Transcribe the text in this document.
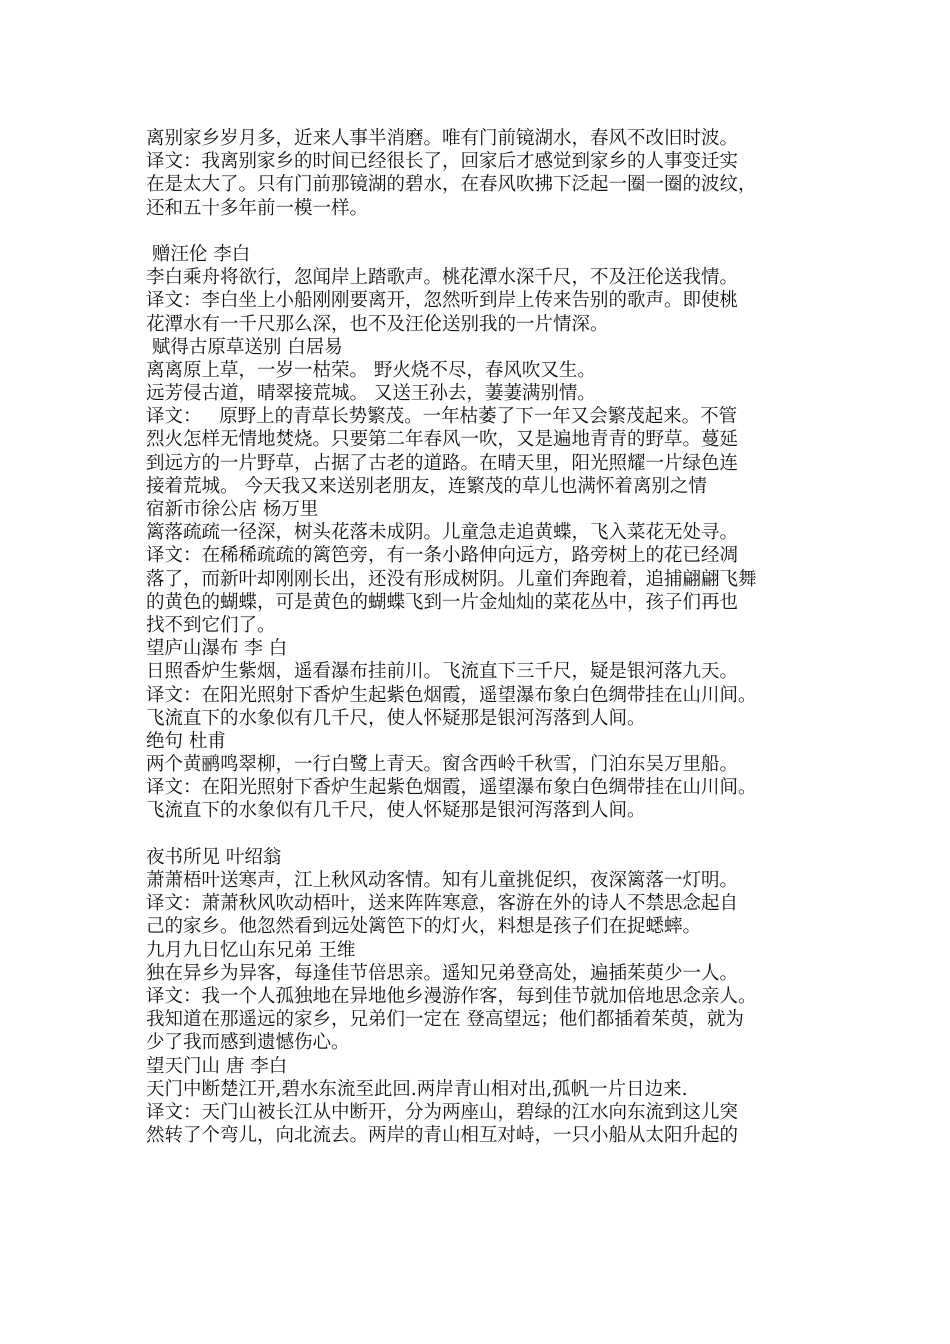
离别家乡岁月多，近来人事半消磨。唯有门前镜湖水，春风不改旧时波。
译文：我离别家乡的时间已经很长了，回家后才感觉到家乡的人事变迁实
在是太大了。只有门前那镜湖的碧水，在春风吹拂下泛起一圈一圈的波纹，
还和五十多年前一模一样。
赠汪伦 李白
李白乘舟将欲行，忽闻岸上踏歌声。桃花潭水深千尺，不及汪伦送我情。
译文：李白坐上小船刚刚要离开，忽然听到岸上传来告别的歌声。即使桃
花潭水有一千尺那么深，也不及汪伦送别我的一片情深。
赋得古原草送别 白居易
离离原上草，一岁一枯荣。 野火烧不尽，春风吹又生。
远芳侵古道，晴翠接荒城。 又送王孙去，萋萋满别情。
译文：   原野上的青草长势繁茂。一年枯萎了下一年又会繁茂起来。不管
烈火怎样无情地焚烧。只要第二年春风一吹，又是遍地青青的野草。蔓延
到远方的一片野草，占据了古老的道路。在晴天里，阳光照耀一片绿色连
接着荒城。 今天我又来送别老朋友，连繁茂的草儿也满怀着离别之情
宿新市徐公店 杨万里
篱落疏疏一径深，树头花落未成阴。儿童急走追黄蝶，飞入菜花无处寻。
译文：在稀稀疏疏的篱笆旁，有一条小路伸向远方，路旁树上的花已经凋
落了，而新叶却刚刚长出，还没有形成树阴。儿童们奔跑着，追捕翩翩飞舞
的黄色的蝴蝶，可是黄色的蝴蝶飞到一片金灿灿的菜花丛中，孩子们再也
找不到它们了。
望庐山瀑布 李 白
日照香炉生紫烟，遥看瀑布挂前川。飞流直下三千尺，疑是银河落九天。
译文：在阳光照射下香炉生起紫色烟霞，遥望瀑布象白色绸带挂在山川间。
飞流直下的水象似有几千尺，使人怀疑那是银河泻落到人间。
绝句 杜甫
两个黄鹂鸣翠柳，一行白鹭上青天。窗含西岭千秋雪，门泊东吴万里船。
译文：在阳光照射下香炉生起紫色烟霞，遥望瀑布象白色绸带挂在山川间。
飞流直下的水象似有几千尺，使人怀疑那是银河泻落到人间。
夜书所见 叶绍翁
萧萧梧叶送寒声，江上秋风动客情。知有儿童挑促织，夜深篱落一灯明。
译文：萧萧秋风吹动梧叶，送来阵阵寒意，客游在外的诗人不禁思念起自
己的家乡。他忽然看到远处篱笆下的灯火，料想是孩子们在捉蟋蟀。
九月九日忆山东兄弟 王维
独在异乡为异客，每逢佳节倍思亲。遥知兄弟登高处，遍插茱萸少一人。
译文：我一个人孤独地在异地他乡漫游作客，每到佳节就加倍地思念亲人。
我知道在那遥远的家乡，兄弟们一定在 登高望远；他们都插着茱萸，就为
少了我而感到遗憾伤心。
望天门山 唐 李白
天门中断楚江开,碧水东流至此回.两岸青山相对出,孤帆一片日边来.
译文：天门山被长江从中断开，分为两座山，碧绿的江水向东流到这儿突
然转了个弯儿，向北流去。两岸的青山相互对峙，一只小船从太阳升起的
